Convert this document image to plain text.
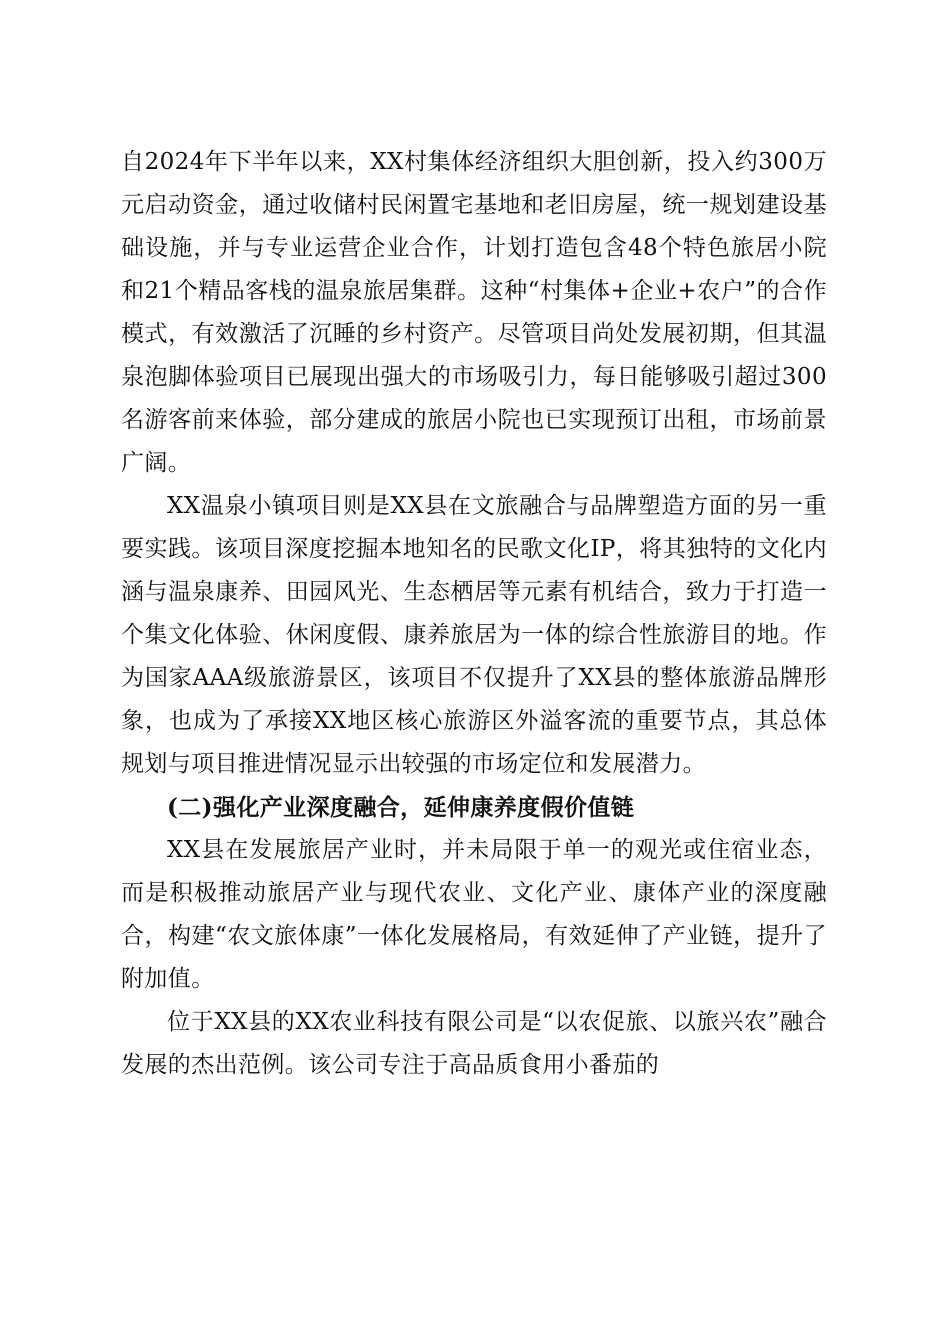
自2024年下半年以来，XX村集体经济组织大胆创新，投入约300万元启动资金，通过收储村民闲置宅基地和老旧房屋，统一规划建设基础设施，并与专业运营企业合作，计划打造包含48个特色旅居小院和21个精品客栈的温泉旅居集群。这种“村集体+企业+农户”的合作模式，有效激活了沉睡的乡村资产。尽管项目尚处发展初期，但其温泉泡脚体验项目已展现出强大的市场吸引力，每日能够吸引超过300名游客前来体验，部分建成的旅居小院也已实现预订出租，市场前景广阔。

XX温泉小镇项目则是XX县在文旅融合与品牌塑造方面的另一重要实践。该项目深度挖掘本地知名的民歌文化IP，将其独特的文化内涵与温泉康养、田园风光、生态栖居等元素有机结合，致力于打造一个集文化体验、休闲度假、康养旅居为一体的综合性旅游目的地。作为国家AAA级旅游景区，该项目不仅提升了XX县的整体旅游品牌形象，也成为了承接XX地区核心旅游区外溢客流的重要节点，其总体规划与项目推进情况显示出较强的市场定位和发展潜力。

(二)强化产业深度融合，延伸康养度假价值链

XX县在发展旅居产业时，并未局限于单一的观光或住宿业态，而是积极推动旅居产业与现代农业、文化产业、康体产业的深度融合，构建“农文旅体康”一体化发展格局，有效延伸了产业链，提升了附加值。

位于XX县的XX农业科技有限公司是“以农促旅、以旅兴农”融合发展的杰出范例。该公司专注于高品质食用小番茄的
